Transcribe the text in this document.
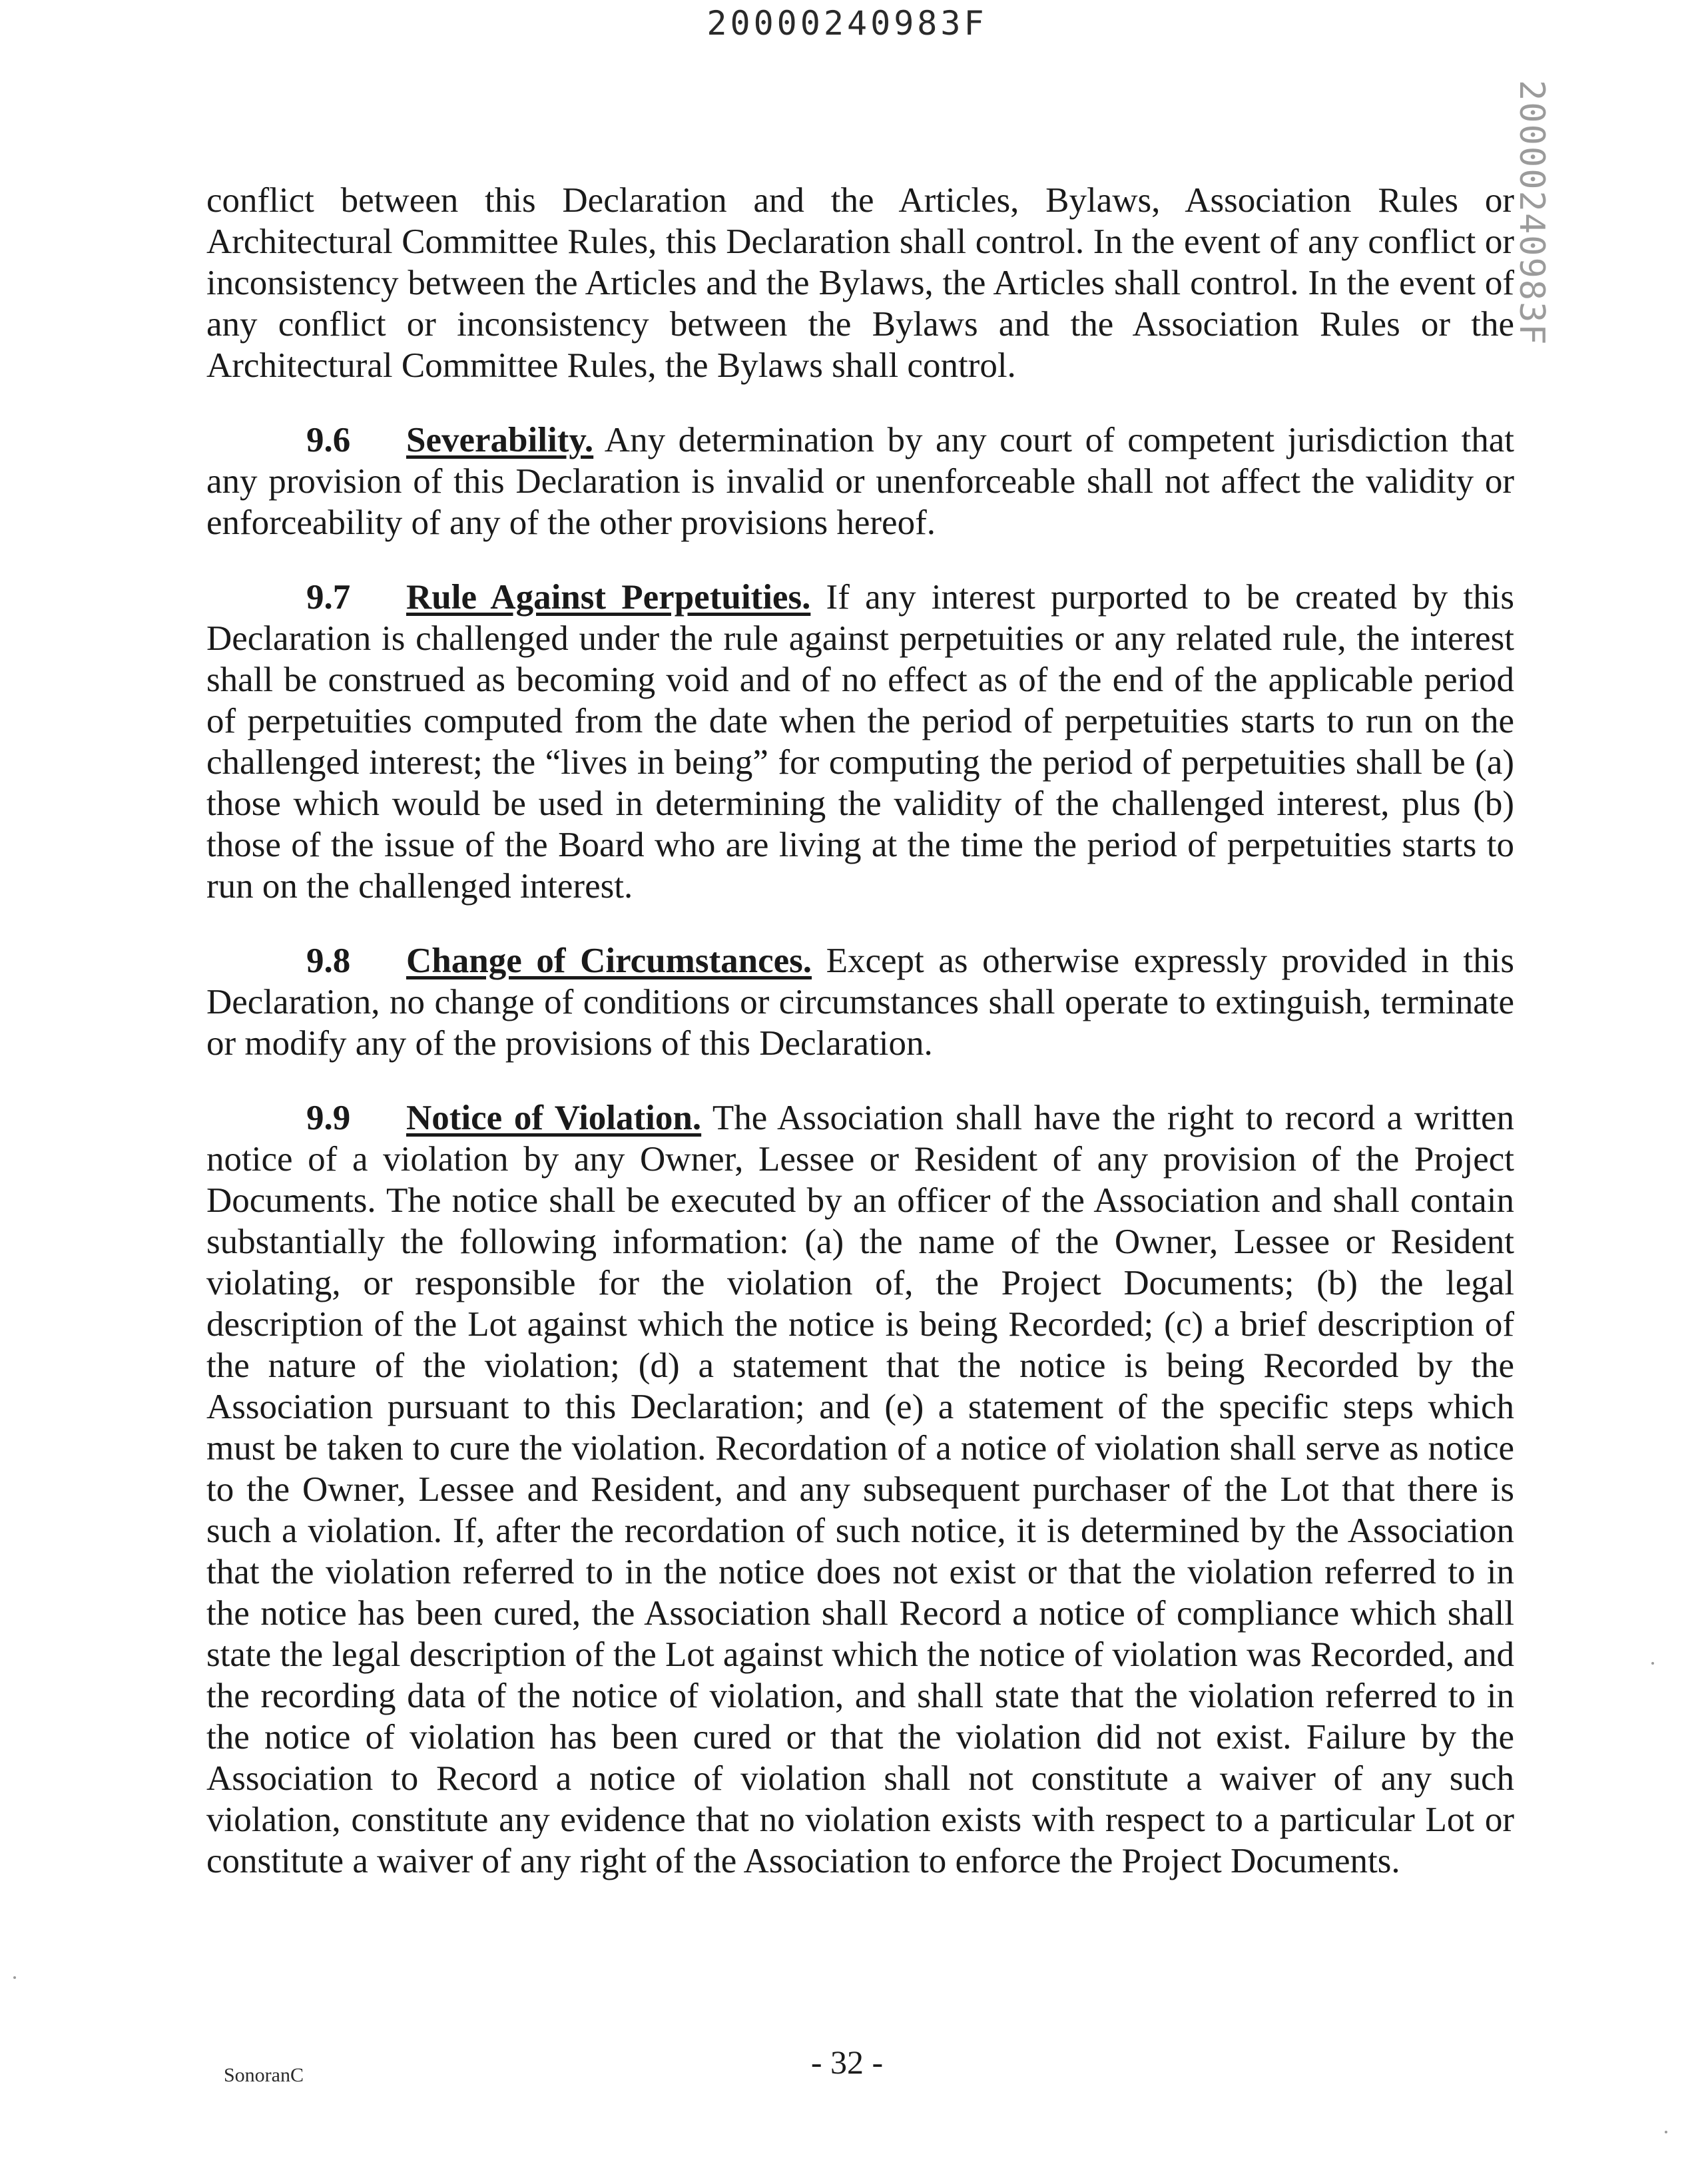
20000240983F
20000240983F

conflict between this Declaration and the Articles, Bylaws, Association Rules or Architectural Committee Rules, this Declaration shall control. In the event of any conflict or inconsistency between the Articles and the Bylaws, the Articles shall control. In the event of any conflict or inconsistency between the Bylaws and the Association Rules or the Architectural Committee Rules, the Bylaws shall control.

9.6 Severability. Any determination by any court of competent jurisdiction that any provision of this Declaration is invalid or unenforceable shall not affect the validity or enforceability of any of the other provisions hereof.

9.7 Rule Against Perpetuities. If any interest purported to be created by this Declaration is challenged under the rule against perpetuities or any related rule, the interest shall be construed as becoming void and of no effect as of the end of the applicable period of perpetuities computed from the date when the period of perpetuities starts to run on the challenged interest; the “lives in being” for computing the period of perpetuities shall be (a) those which would be used in determining the validity of the challenged interest, plus (b) those of the issue of the Board who are living at the time the period of perpetuities starts to run on the challenged interest.

9.8 Change of Circumstances. Except as otherwise expressly provided in this Declaration, no change of conditions or circumstances shall operate to extinguish, terminate or modify any of the provisions of this Declaration.

9.9 Notice of Violation. The Association shall have the right to record a written notice of a violation by any Owner, Lessee or Resident of any provision of the Project Documents. The notice shall be executed by an officer of the Association and shall contain substantially the following information: (a) the name of the Owner, Lessee or Resident violating, or responsible for the violation of, the Project Documents; (b) the legal description of the Lot against which the notice is being Recorded; (c) a brief description of the nature of the violation; (d) a statement that the notice is being Recorded by the Association pursuant to this Declaration; and (e) a statement of the specific steps which must be taken to cure the violation. Recordation of a notice of violation shall serve as notice to the Owner, Lessee and Resident, and any subsequent purchaser of the Lot that there is such a violation. If, after the recordation of such notice, it is determined by the Association that the violation referred to in the notice does not exist or that the violation referred to in the notice has been cured, the Association shall Record a notice of compliance which shall state the legal description of the Lot against which the notice of violation was Recorded, and the recording data of the notice of violation, and shall state that the violation referred to in the notice of violation has been cured or that the violation did not exist. Failure by the Association to Record a notice of violation shall not constitute a waiver of any such violation, constitute any evidence that no violation exists with respect to a particular Lot or constitute a waiver of any right of the Association to enforce the Project Documents.

SonoranC	- 32 -
